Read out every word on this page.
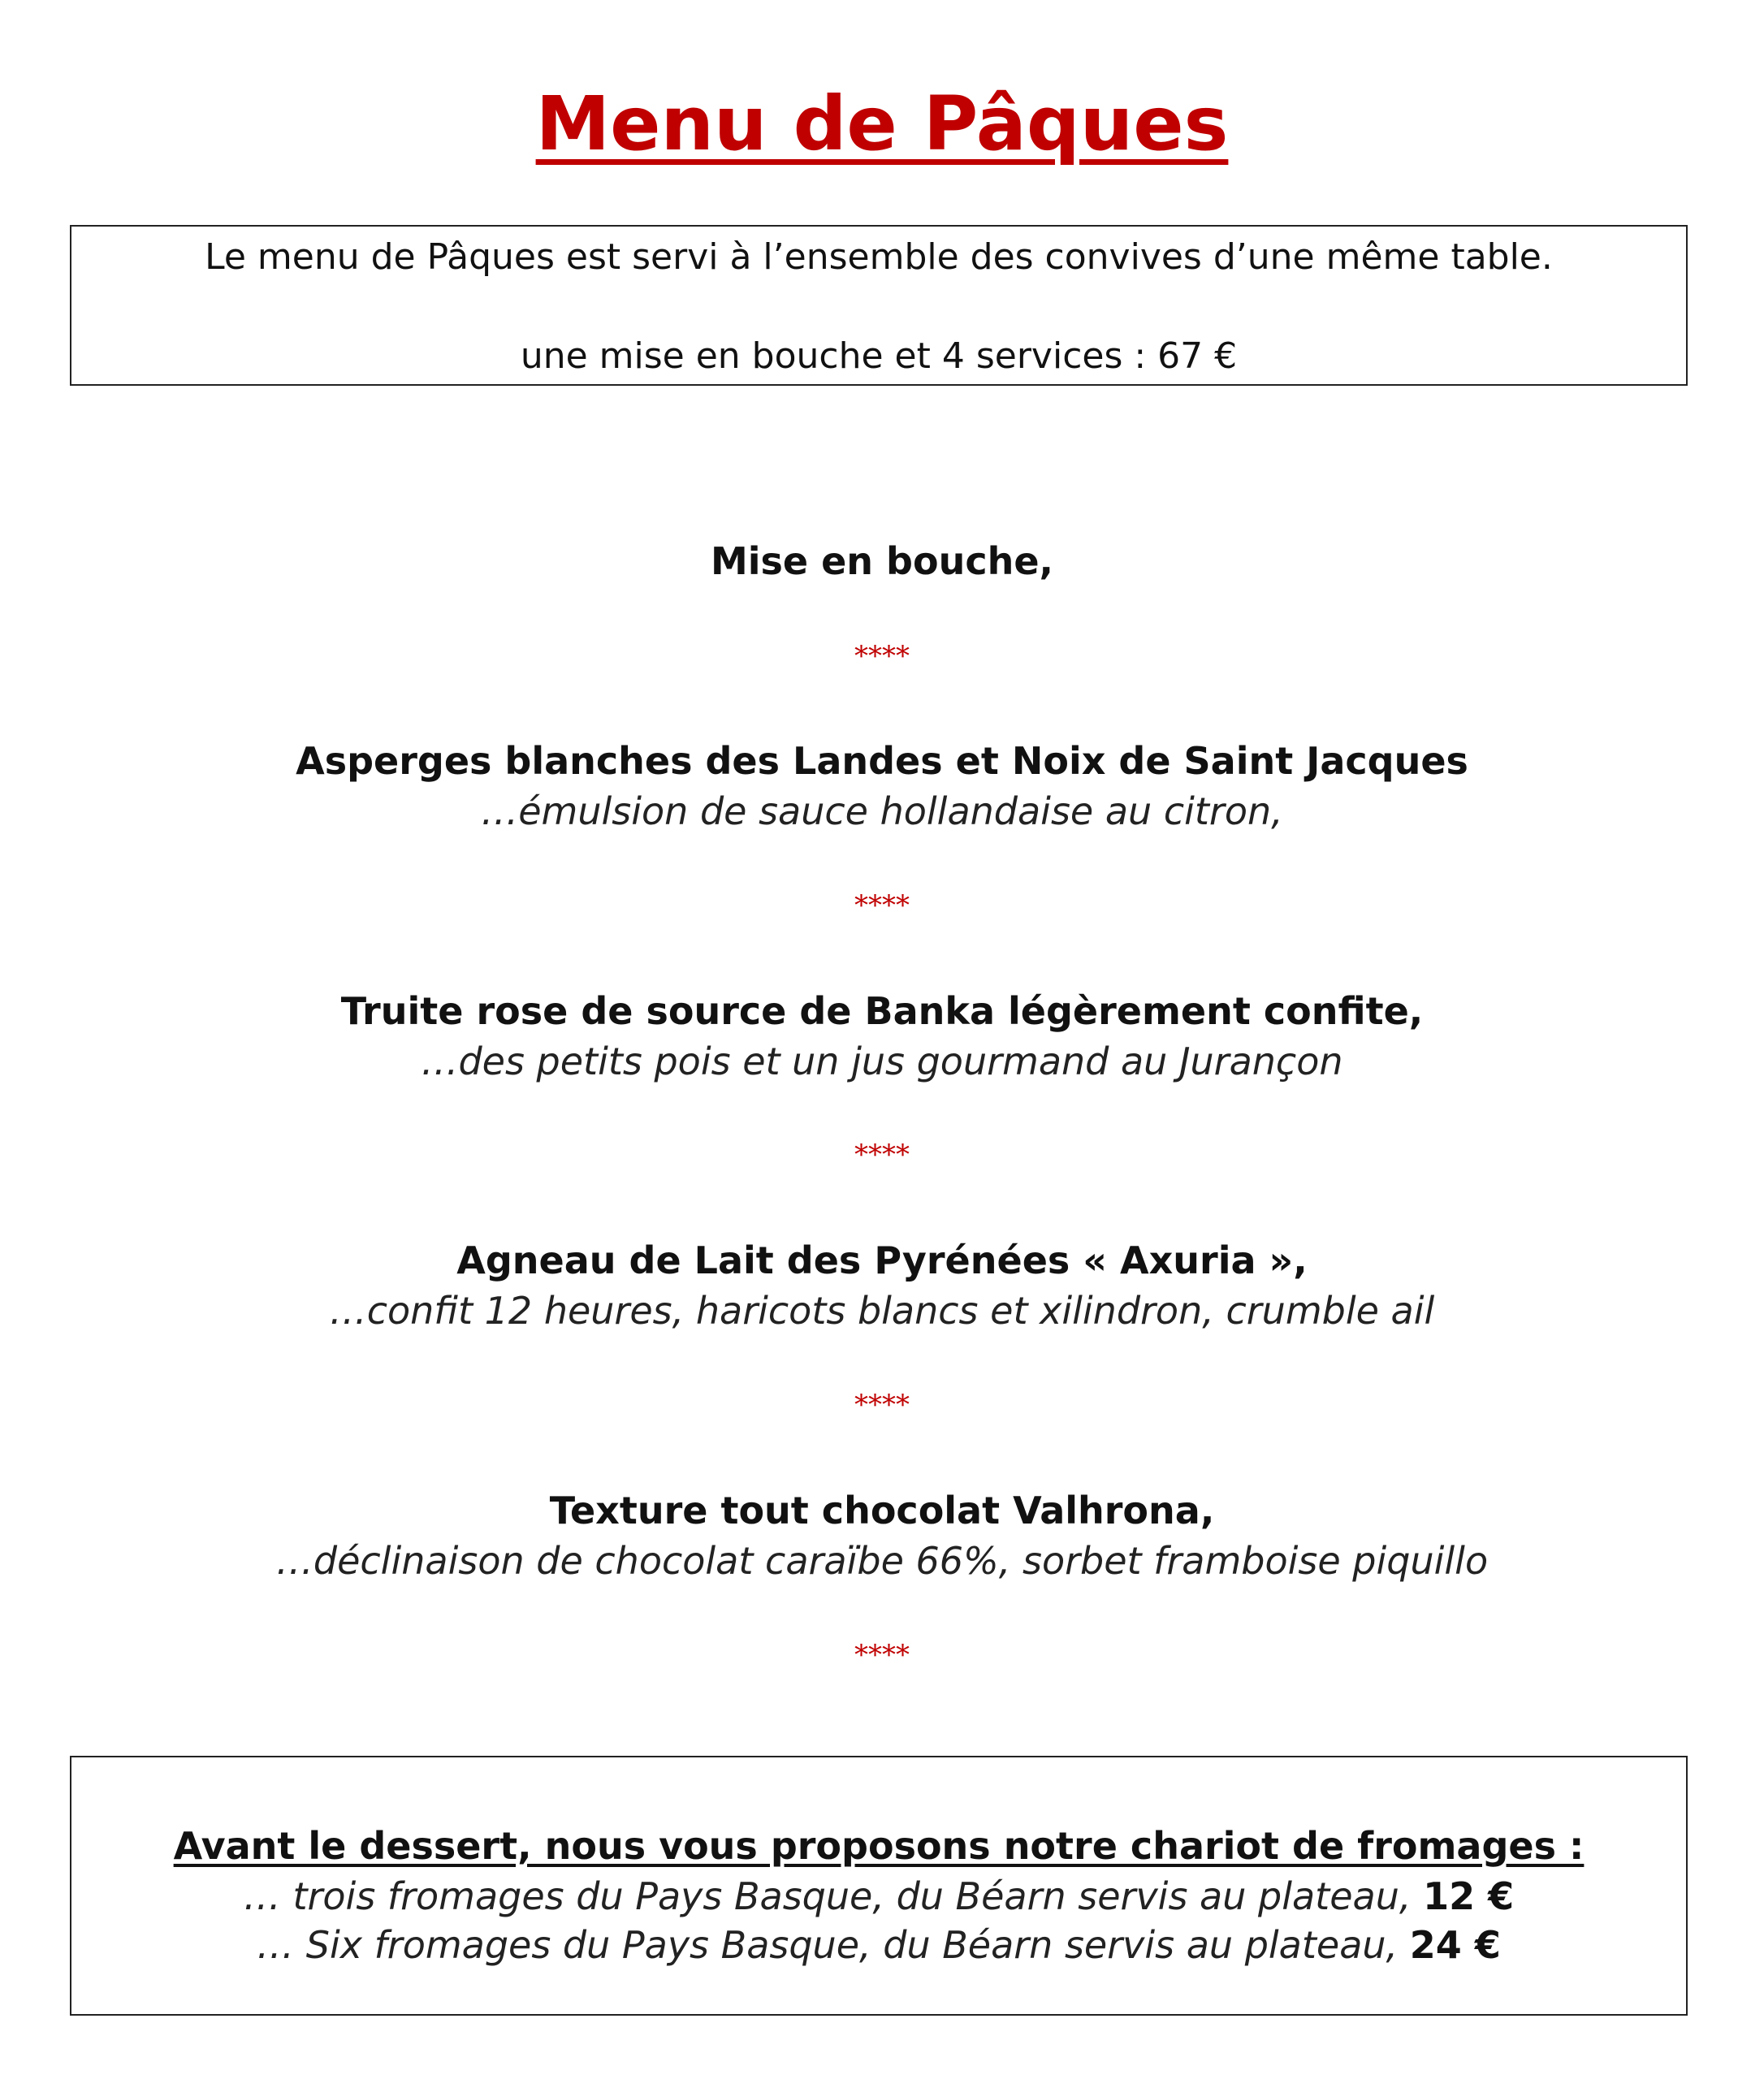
Menu de Pâques
Le menu de Pâques est servi à l’ensemble des convives d’une même table.
une mise en bouche et 4 services : 67 €
Mise en bouche,
****
Asperges blanches des Landes et Noix de Saint Jacques
…émulsion de sauce hollandaise au citron,
****
Truite rose de source de Banka légèrement confite,
…des petits pois et un jus gourmand au Jurançon
****
Agneau de Lait des Pyrénées « Axuria »,
…confit 12 heures, haricots blancs et xilindron, crumble ail
****
Texture tout chocolat Valhrona,
…déclinaison de chocolat caraïbe 66%, sorbet framboise piquillo
****
Avant le dessert, nous vous proposons notre chariot de fromages :
… trois fromages du Pays Basque, du Béarn servis au plateau, 12 €
… Six fromages du Pays Basque, du Béarn servis au plateau, 24 €
